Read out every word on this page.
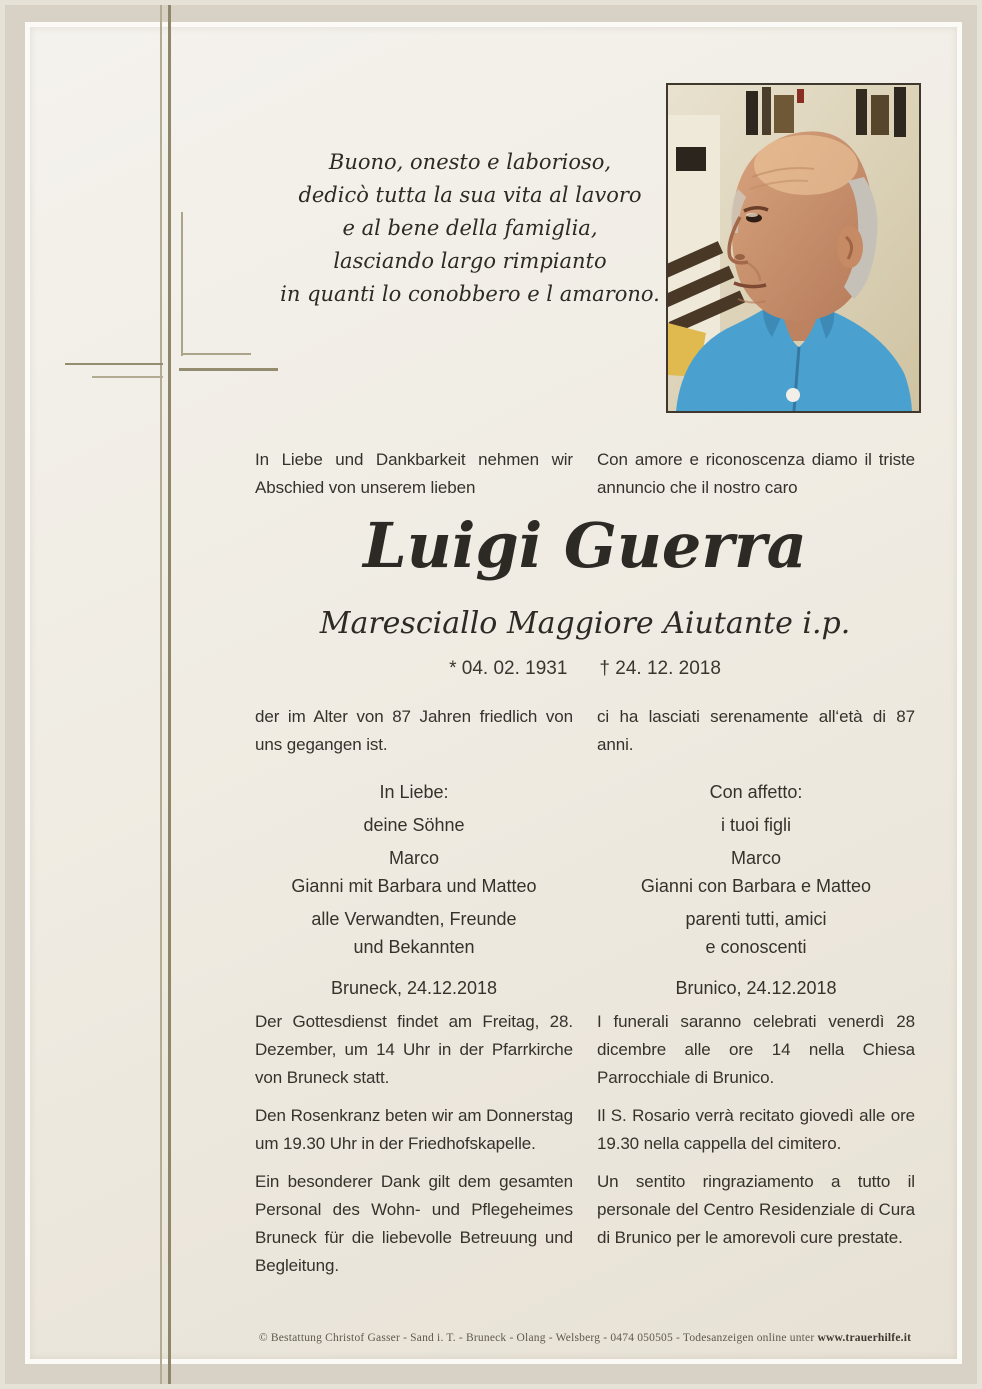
Buono, onesto e laborioso,
dedicò tutta la sua vita al lavoro
e al bene della famiglia,
lasciando largo rimpianto
in quanti lo conobbero e l amarono.
In Liebe und Dankbarkeit nehmen wir Abschied von unserem lieben
Con amore e riconoscenza diamo il triste annuncio che il nostro caro
Luigi Guerra
Maresciallo Maggiore Aiutante i.p.
* 04. 02. 1931 † 24. 12. 2018
der im Alter von 87 Jahren friedlich von uns gegangen ist.
ci ha lasciati serenamente all‘età di 87 anni.
In Liebe:
deine Söhne
Marco
Gianni mit Barbara und Matteo
alle Verwandten, Freunde
und Bekannten
Con affetto:
i tuoi figli
Marco
Gianni con Barbara e Matteo
parenti tutti, amici
e conoscenti
Bruneck, 24.12.2018	Brunico, 24.12.2018
Der Gottesdienst findet am Freitag, 28. Dezember, um 14 Uhr in der Pfarrkirche von Bruneck statt.
Den Rosenkranz beten wir am Donnerstag um 19.30 Uhr in der Friedhofskapelle.
Ein besonderer Dank gilt dem gesamten Personal des Wohn- und Pflegeheimes Bruneck für die liebevolle Betreuung und Begleitung.
I funerali saranno celebrati venerdì 28 dicembre alle ore 14 nella Chiesa Parrocchiale di Brunico.
Il S. Rosario verrà recitato giovedì alle ore 19.30 nella cappella del cimitero.
Un sentito ringraziamento a tutto il personale del Centro Residenziale di Cura di Brunico per le amorevoli cure prestate.
© Bestattung Christof Gasser - Sand i. T. - Bruneck - Olang - Welsberg - 0474 050505 - Todesanzeigen online unter www.trauerhilfe.it
